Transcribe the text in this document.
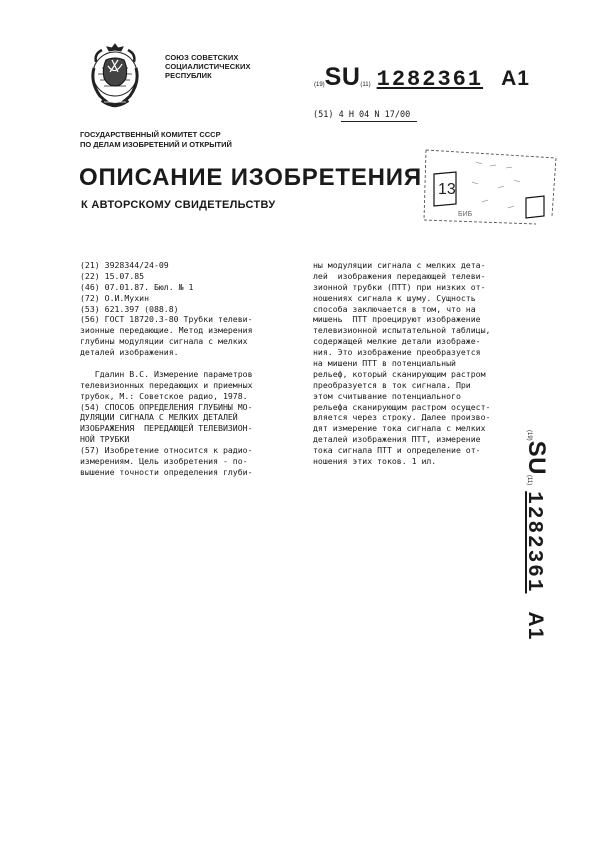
СОЮЗ СОВЕТСКИХ
СОЦИАЛИСТИЧЕСКИХ
РЕСПУБЛИК
$^{(19)}$SU$^{(11)}$ 1282361 A1
(51) 4 H 04 N 17/00
ГОСУДАРСТВЕННЫЙ КОМИТЕТ СССР
ПО ДЕЛАМ ИЗОБРЕТЕНИЙ И ОТКРЫТИЙ
ОПИСАНИЕ ИЗОБРЕТЕНИЯ
К АВТОРСКОМУ СВИДЕТЕЛЬСТВУ
13
БИБ
(21) 3928344/24-09
(22) 15.07.85
(46) 07.01.87. Бюл. № 1
(72) О.И.Мухин
(53) 621.397 (088.8)
(56) ГОСТ 18720.3-80 Трубки телеви-
зионные передающие. Метод измерения
глубины модуляции сигнала с мелких
деталей изображения.
Гдалин В.С. Измерение параметров
телевизионных передающих и приемных
трубок, М.: Советское радио, 1978.
(54) СПОСОБ ОПРЕДЕЛЕНИЯ ГЛУБИНЫ МО-
ДУЛЯЦИИ СИГНАЛА С МЕЛКИХ ДЕТАЛЕЙ
ИЗОБРАЖЕНИЯ  ПЕРЕДАЮЩЕЙ ТЕЛЕВИЗИОН-
НОЙ ТРУБКИ
(57) Изобретение относится к радио-
измерениям. Цель изобретения - по-
вышение точности определения глуби-
ны модуляции сигнала с мелких дета-
лей  изображения передающей телеви-
зионной трубки (ПТТ) при низких от-
ношениях сигнала к шуму. Сущность
способа заключается в том, что на
мишень  ПТТ проецируют изображение
телевизионной испытательной таблицы,
содержащей мелкие детали изображе-
ния. Это изображение преобразуется
на мишени ПТТ в потенциальный
рельеф, который сканирующим растром
преобразуется в ток сигнала. При
этом считывание потенциального
рельефа сканирующим растром осущест-
вляется через строку. Далее произво-
дят измерение тока сигнала с мелких
деталей изображения ПТТ, измерение
тока сигнала ПТТ и определение от-
ношения этих токов. 1 ил.
$^{(19)}$SU$^{(11)}$1282361A1
